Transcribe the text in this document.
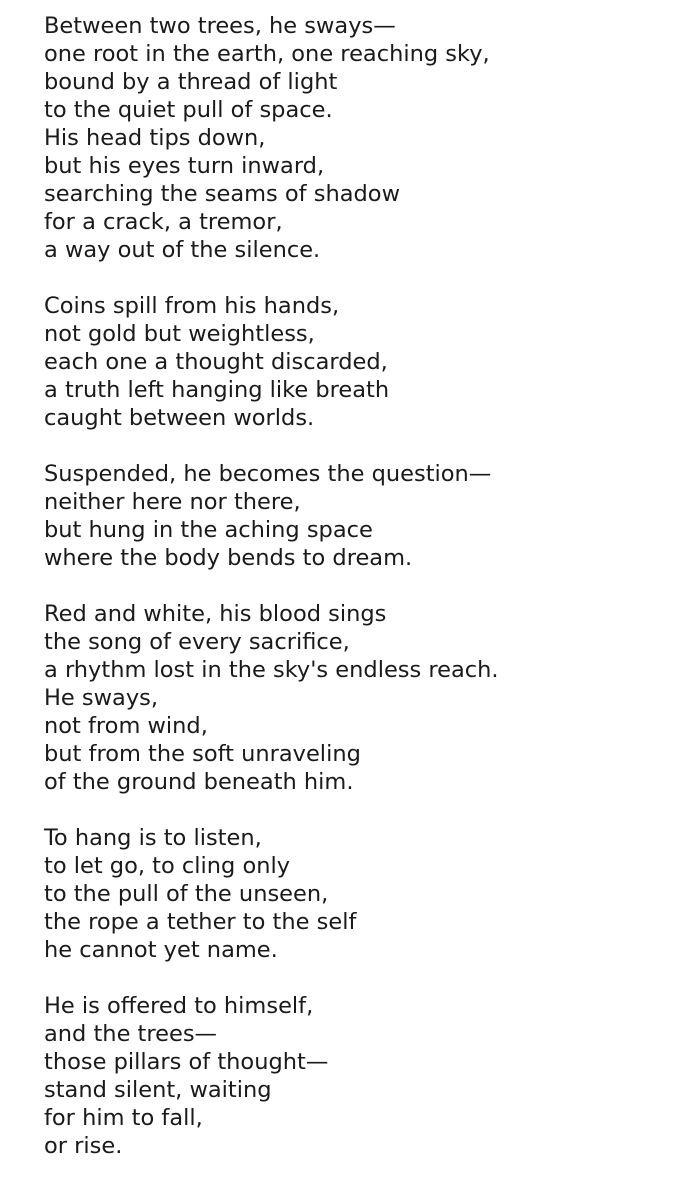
Between two trees, he sways—
one root in the earth, one reaching sky,
bound by a thread of light
to the quiet pull of space.
His head tips down,
but his eyes turn inward,
searching the seams of shadow
for a crack, a tremor,
a way out of the silence.
Coins spill from his hands,
not gold but weightless,
each one a thought discarded,
a truth left hanging like breath
caught between worlds.
Suspended, he becomes the question—
neither here nor there,
but hung in the aching space
where the body bends to dream.
Red and white, his blood sings
the song of every sacrifice,
a rhythm lost in the sky's endless reach.
He sways,
not from wind,
but from the soft unraveling
of the ground beneath him.
To hang is to listen,
to let go, to cling only
to the pull of the unseen,
the rope a tether to the self
he cannot yet name.
He is offered to himself,
and the trees—
those pillars of thought—
stand silent, waiting
for him to fall,
or rise.
